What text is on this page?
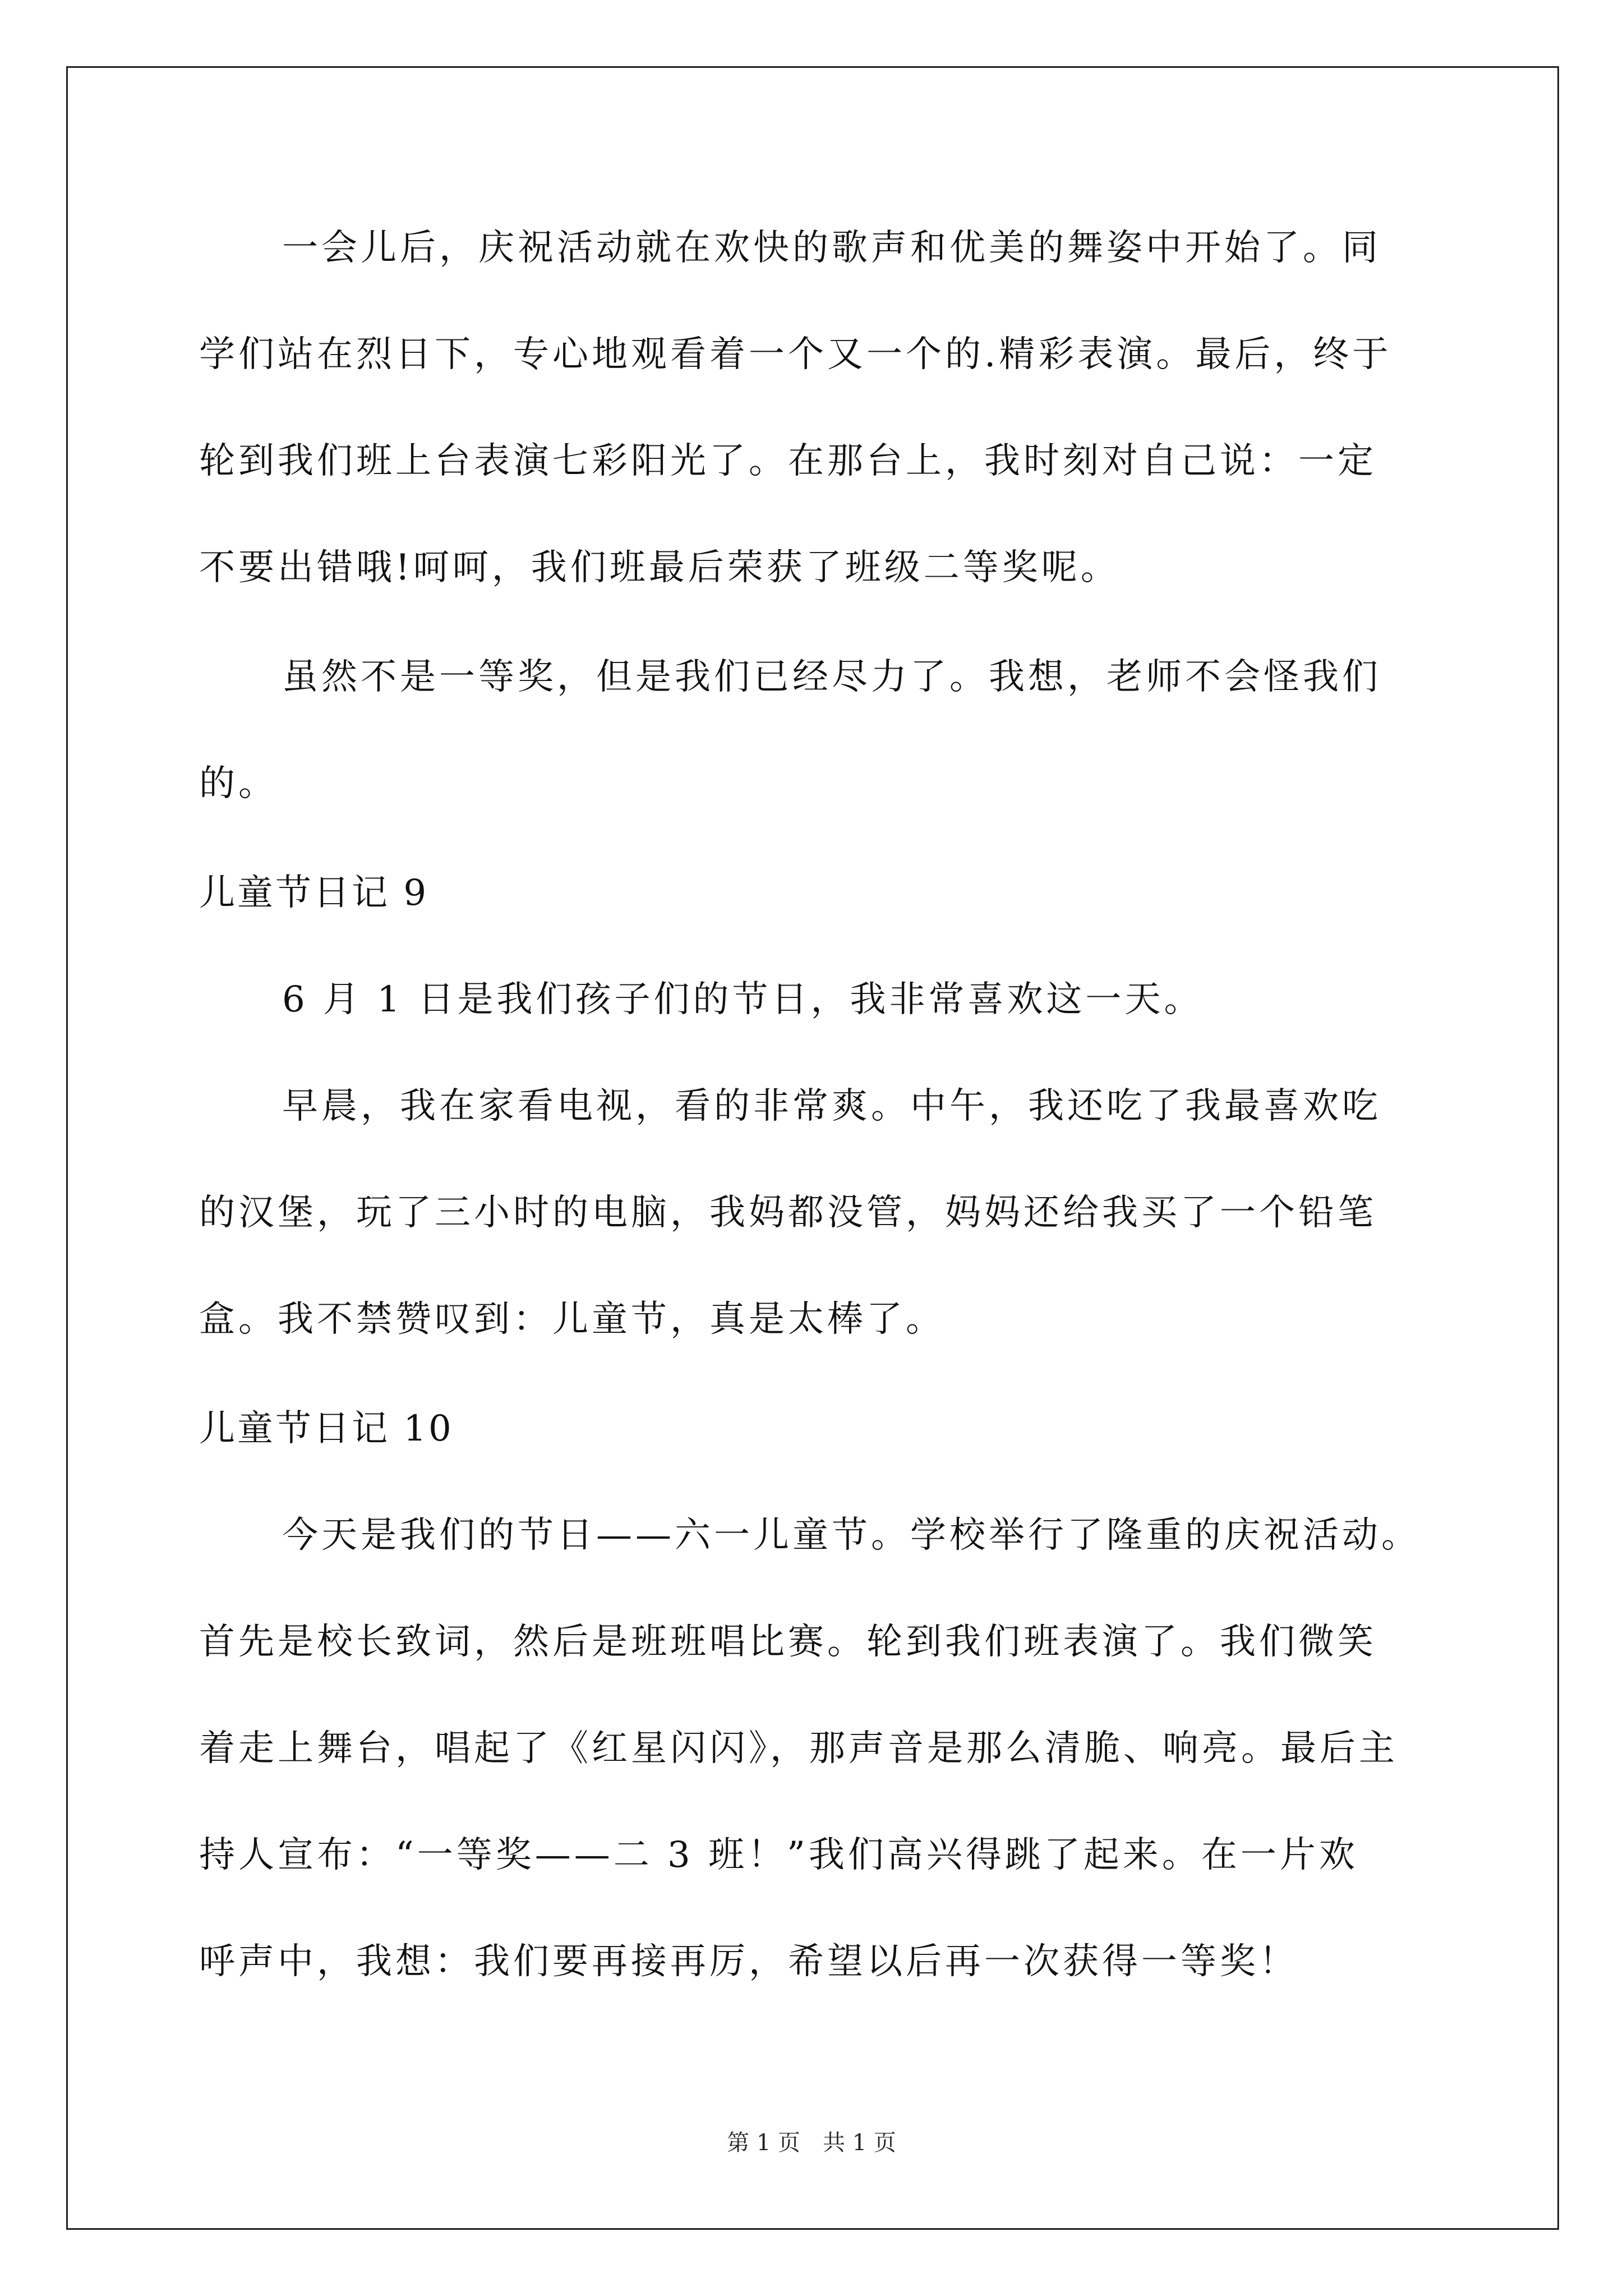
一会儿后，庆祝活动就在欢快的歌声和优美的舞姿中开始了。同
学们站在烈日下，专心地观看着一个又一个的.精彩表演。最后，终于
轮到我们班上台表演七彩阳光了。在那台上，我时刻对自己说：一定
不要出错哦!呵呵，我们班最后荣获了班级二等奖呢。
虽然不是一等奖，但是我们已经尽力了。我想，老师不会怪我们
的。
儿童节日记 9
6 月 1 日是我们孩子们的节日，我非常喜欢这一天。
早晨，我在家看电视，看的非常爽。中午，我还吃了我最喜欢吃
的汉堡，玩了三小时的电脑，我妈都没管，妈妈还给我买了一个铅笔
盒。我不禁赞叹到：儿童节，真是太棒了。
儿童节日记 10
今天是我们的节日——六一儿童节。学校举行了隆重的庆祝活动。
首先是校长致词，然后是班班唱比赛。轮到我们班表演了。我们微笑
着走上舞台，唱起了《红星闪闪》，那声音是那么清脆、响亮。最后主
持人宣布：“一等奖——二 3 班！”我们高兴得跳了起来。在一片欢
呼声中，我想：我们要再接再厉，希望以后再一次获得一等奖！
第 1 页　共 1 页
